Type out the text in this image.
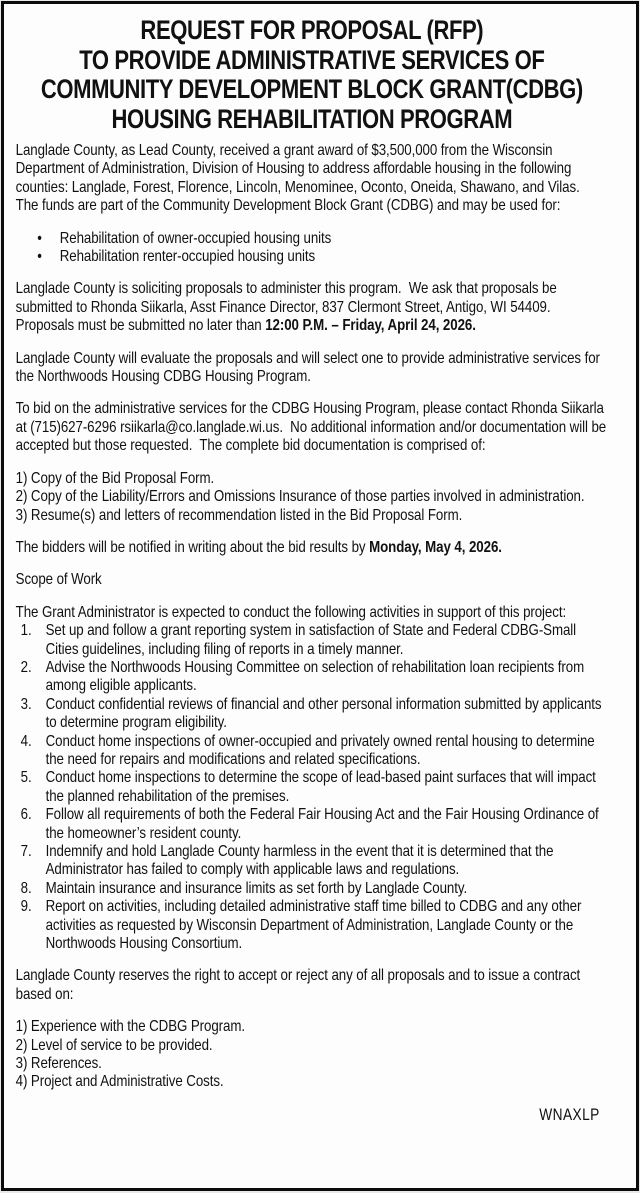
REQUEST FOR PROPOSAL (RFP)
TO PROVIDE ADMINISTRATIVE SERVICES OF
COMMUNITY DEVELOPMENT BLOCK GRANT(CDBG)
HOUSING REHABILITATION PROGRAM

Langlade County, as Lead County, received a grant award of $3,500,000 from the Wisconsin Department of Administration, Division of Housing to address affordable housing in the following counties: Langlade, Forest, Florence, Lincoln, Menominee, Oconto, Oneida, Shawano, and Vilas.  The funds are part of the Community Development Block Grant (CDBG) and may be used for:

• Rehabilitation of owner-occupied housing units
• Rehabilitation renter-occupied housing units

Langlade County is soliciting proposals to administer this program.  We ask that proposals be submitted to Rhonda Siikarla, Asst Finance Director, 837 Clermont Street, Antigo, WI 54409. Proposals must be submitted no later than 12:00 P.M. – Friday, April 24, 2026.

Langlade County will evaluate the proposals and will select one to provide administrative services for the Northwoods Housing CDBG Housing Program.

To bid on the administrative services for the CDBG Housing Program, please contact Rhonda Siikarla at (715)627-6296 rsiikarla@co.langlade.wi.us.  No additional information and/or documentation will be accepted but those requested.  The complete bid documentation is comprised of:

1) Copy of the Bid Proposal Form.
2) Copy of the Liability/Errors and Omissions Insurance of those parties involved in administration.
3) Resume(s) and letters of recommendation listed in the Bid Proposal Form.

The bidders will be notified in writing about the bid results by Monday, May 4, 2026.

Scope of Work

The Grant Administrator is expected to conduct the following activities in support of this project:

1. Set up and follow a grant reporting system in satisfaction of State and Federal CDBG-Small Cities guidelines, including filing of reports in a timely manner.
2. Advise the Northwoods Housing Committee on selection of rehabilitation loan recipients from among eligible applicants.
3. Conduct confidential reviews of financial and other personal information submitted by applicants to determine program eligibility.
4. Conduct home inspections of owner-occupied and privately owned rental housing to determine the need for repairs and modifications and related specifications.
5. Conduct home inspections to determine the scope of lead-based paint surfaces that will impact the planned rehabilitation of the premises.
6. Follow all requirements of both the Federal Fair Housing Act and the Fair Housing Ordinance of the homeowner’s resident county.
7. Indemnify and hold Langlade County harmless in the event that it is determined that the Administrator has failed to comply with applicable laws and regulations.
8. Maintain insurance and insurance limits as set forth by Langlade County.
9. Report on activities, including detailed administrative staff time billed to CDBG and any other activities as requested by Wisconsin Department of Administration, Langlade County or the Northwoods Housing Consortium.

Langlade County reserves the right to accept or reject any of all proposals and to issue a contract based on:

1) Experience with the CDBG Program.
2) Level of service to be provided.
3) References.
4) Project and Administrative Costs.
WNAXLP
